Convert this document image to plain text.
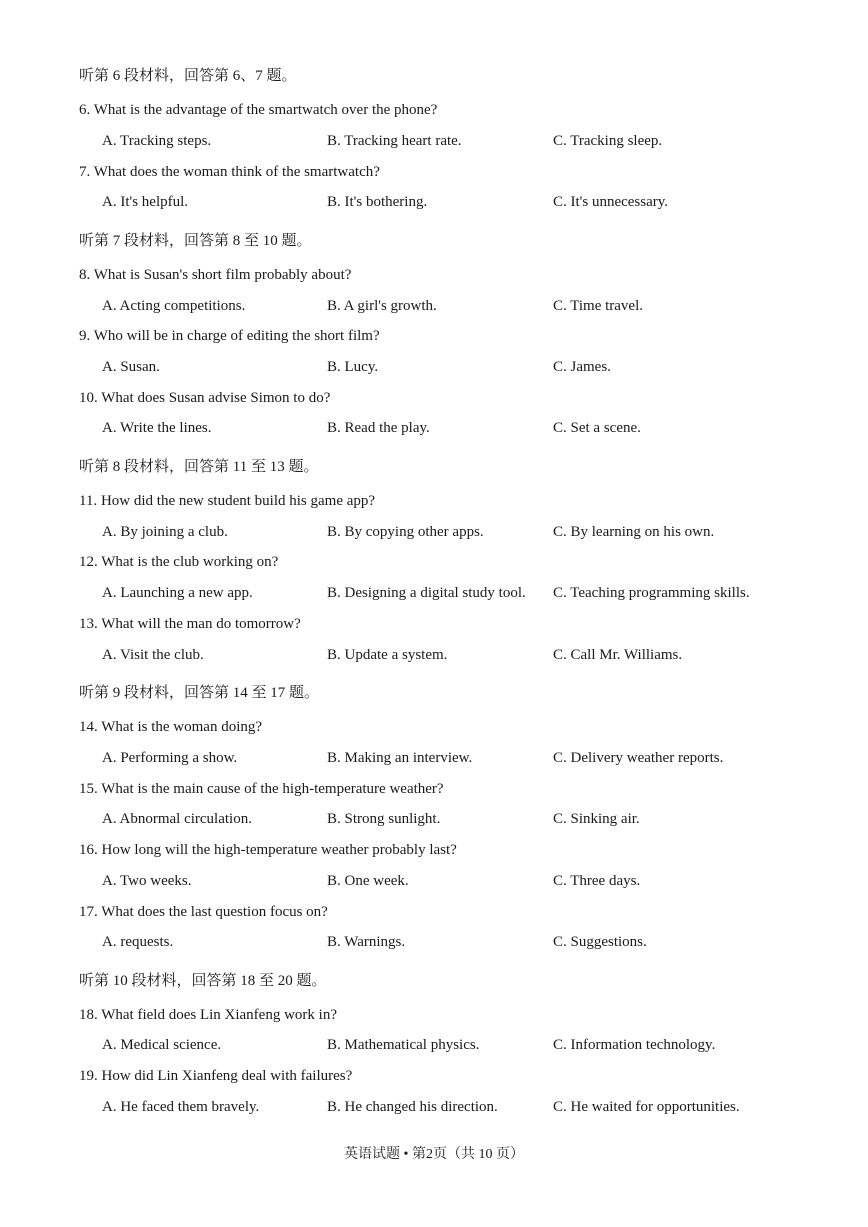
听第 6 段材料，回答第 6、7 题。
6. What is the advantage of the smartwatch over the phone?
A. Tracking steps.	B. Tracking heart rate.	C. Tracking sleep.
7. What does the woman think of the smartwatch?
A. It's helpful.	B. It's bothering.	C. It's unnecessary.
听第 7 段材料，回答第 8 至 10 题。
8. What is Susan's short film probably about?
A. Acting competitions.	B. A girl's growth.	C. Time travel.
9. Who will be in charge of editing the short film?
A. Susan.	B. Lucy.	C. James.
10. What does Susan advise Simon to do?
A. Write the lines.	B. Read the play.	C. Set a scene.
听第 8 段材料，回答第 11 至 13 题。
11. How did the new student build his game app?
A. By joining a club.	B. By copying other apps.	C. By learning on his own.
12. What is the club working on?
A. Launching a new app.	B. Designing a digital study tool. C. Teaching programming skills.
13. What will the man do tomorrow?
A. Visit the club.	B. Update a system.	C. Call Mr. Williams.
听第 9 段材料，回答第 14 至 17 题。
14. What is the woman doing?
A. Performing a show.	B. Making an interview.	C. Delivery weather reports.
15. What is the main cause of the high-temperature weather?
A. Abnormal circulation.	B. Strong sunlight.	C. Sinking air.
16. How long will the high-temperature weather probably last?
A. Two weeks.	B. One week.	C. Three days.
17. What does the last question focus on?
A. requests.	B. Warnings.	C. Suggestions.
听第 10 段材料，回答第 18 至 20 题。
18. What field does Lin Xianfeng work in?
A. Medical science.	B. Mathematical physics.	C. Information technology.
19. How did Lin Xianfeng deal with failures?
A. He faced them bravely.	B. He changed his direction.	C. He waited for opportunities.
英语试题 • 第2页（共 10 页）
